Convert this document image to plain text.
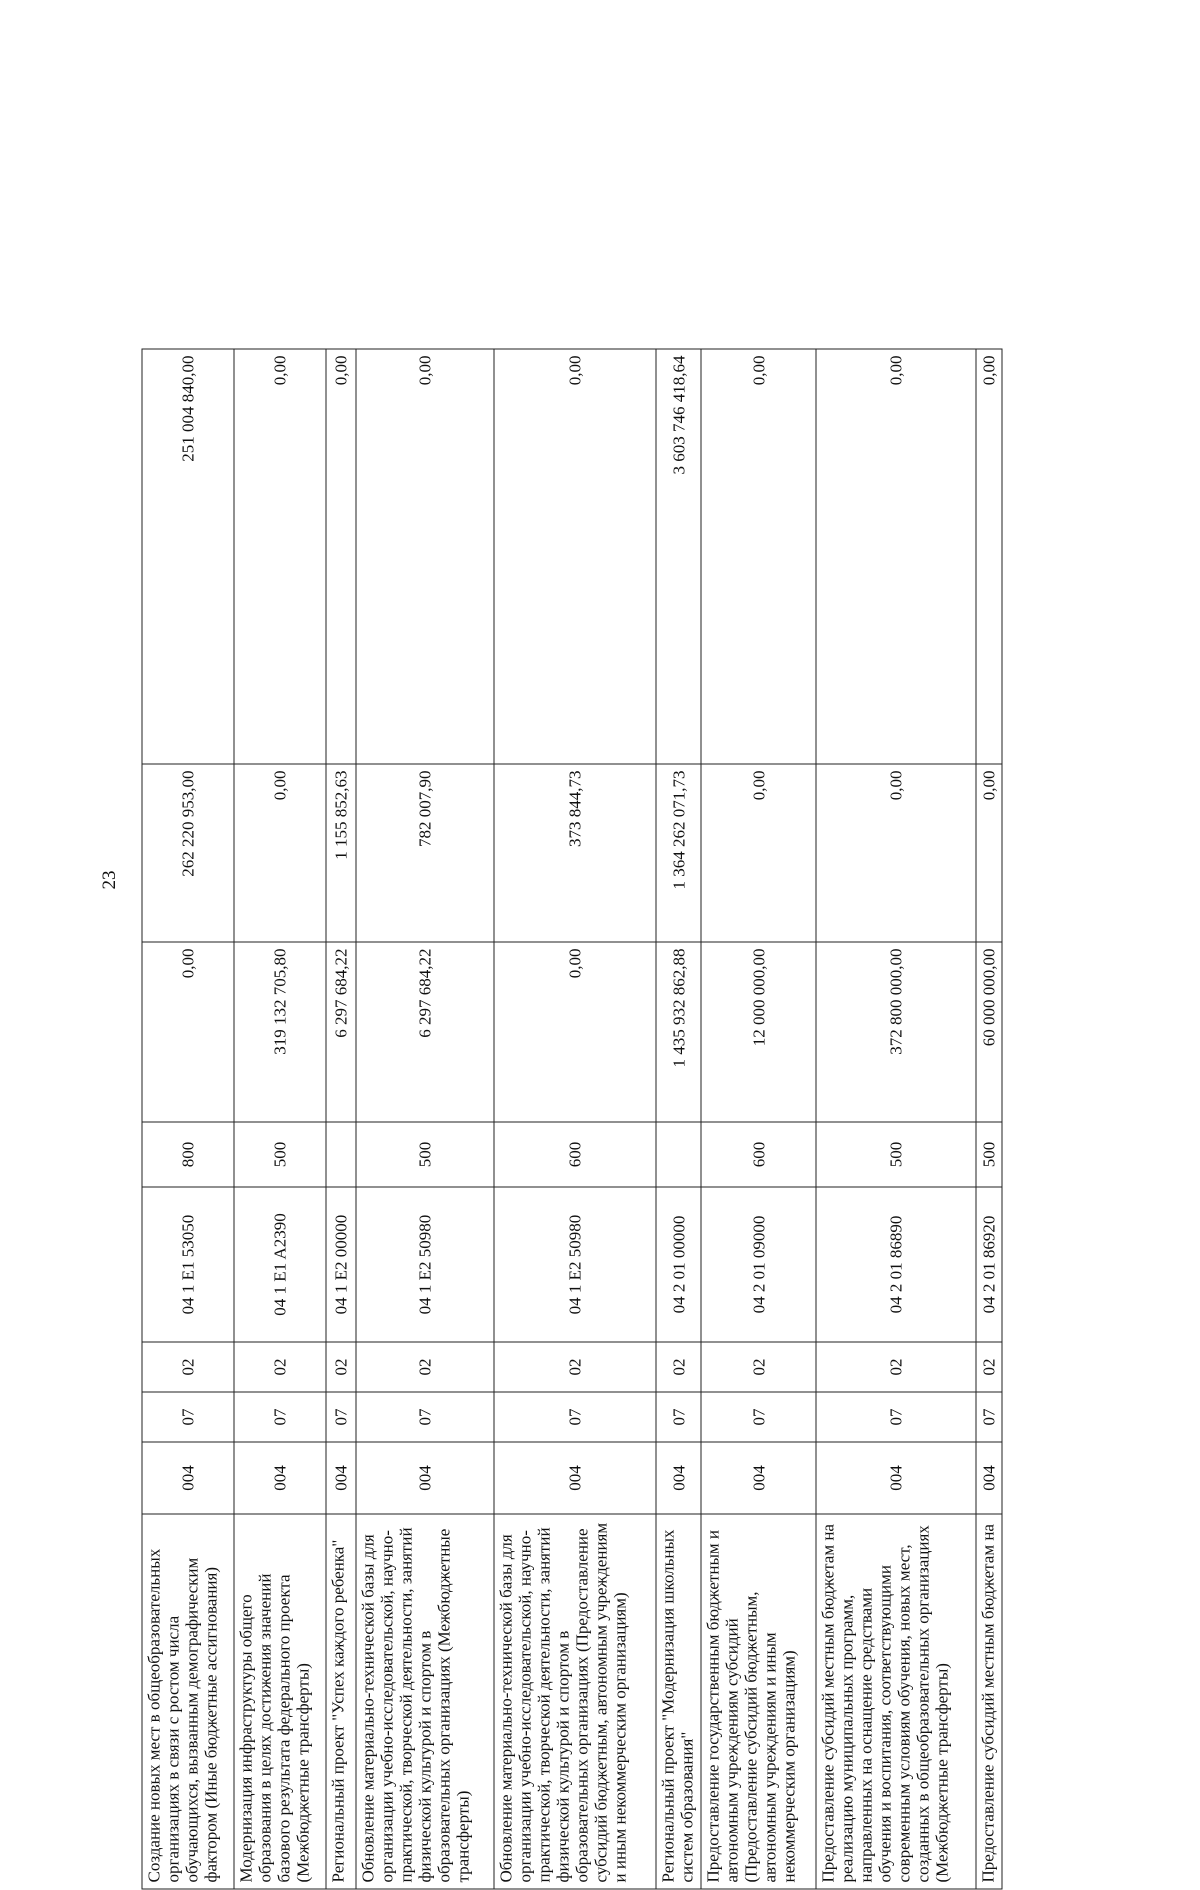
23
Создание новых мест в общеобразовательных организациях в связи с ростом числа обучающихся, вызванным демографическим фактором (Иные бюджетные ассигнования)	004	07	02	04 1 E1 53050	800	0,00	262 220 953,00	251 004 840,00
Модернизация инфраструктуры общего образования в целях достижения значений базового результата федерального проекта (Межбюджетные трансферты)	004	07	02	04 1 E1 A2390	500	319 132 705,80	0,00	0,00
Региональный проект "Успех каждого ребенка"	004	07	02	04 1 E2 00000		6 297 684,22	1 155 852,63	0,00
Обновление материально-технической базы для организации учебно-исследовательской, научно-практической, творческой деятельности, занятий физической культурой и спортом в образовательных организациях (Межбюджетные трансферты)	004	07	02	04 1 E2 50980	500	6 297 684,22	782 007,90	0,00
Обновление материально-технической базы для организации учебно-исследовательской, научно-практической, творческой деятельности, занятий физической культурой и спортом в образовательных организациях (Предоставление субсидий бюджетным, автономным учреждениям и иным некоммерческим организациям)	004	07	02	04 1 E2 50980	600	0,00	373 844,73	0,00
Региональный проект "Модернизация школьных систем образования"	004	07	02	04 2 01 00000		1 435 932 862,88	1 364 262 071,73	3 603 746 418,64
Предоставление государственным бюджетным и автономным учреждениям субсидий (Предоставление субсидий бюджетным, автономным учреждениям и иным некоммерческим организациям)	004	07	02	04 2 01 09000	600	12 000 000,00	0,00	0,00
Предоставление субсидий местным бюджетам на реализацию муниципальных программ, направленных на оснащение средствами обучения и воспитания, соответствующими современным условиям обучения, новых мест, созданных в общеобразовательных организациях (Межбюджетные трансферты)	004	07	02	04 2 01 86890	500	372 800 000,00	0,00	0,00
Предоставление субсидий местным бюджетам на	004	07	02	04 2 01 86920	500	60 000 000,00	0,00	0,00
